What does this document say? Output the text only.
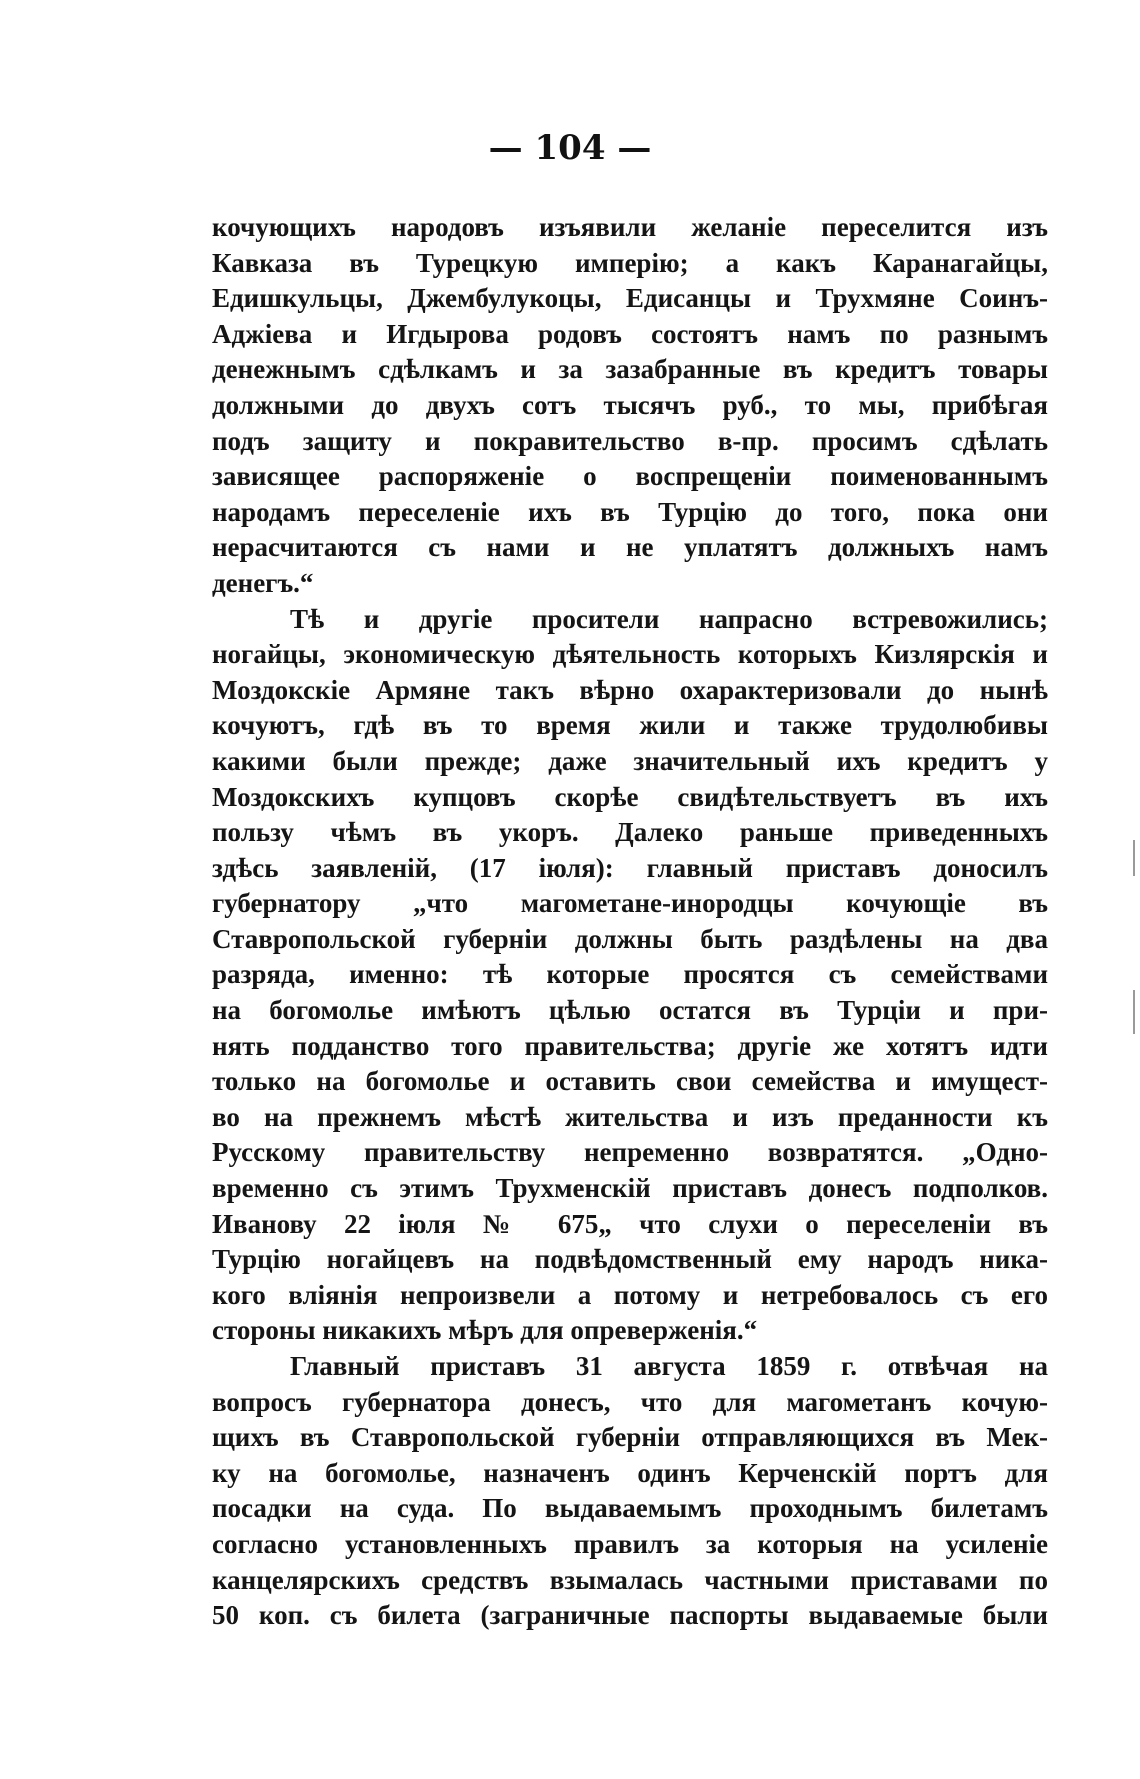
— 104 —
кочующихъ народовъ изъявили желаніе переселится изъ
Кавказа въ Турецкую имперію; а какъ Каранагайцы,
Едишкульцы, Джембулукоцы, Едисанцы и Трухмяне Соинъ-
Аджіева и Игдырова родовъ состоятъ намъ по разнымъ
денежнымъ сдѣлкамъ и за зазабранные въ кредитъ товары
должными до двухъ сотъ тысячъ руб., то мы, прибѣгая
подъ защиту и покравительство в-пр. просимъ сдѣлать
зависящее распоряженіе о воспрещеніи поименованнымъ
народамъ переселеніе ихъ въ Турцію до того, пока они
нерасчитаются съ нами и не уплатятъ должныхъ намъ
денегъ.“
Тѣ и другіе просители напрасно встревожились;
ногайцы, экономическую дѣятельность которыхъ Кизлярскія и
Моздокскіе Армяне такъ вѣрно охарактеризовали до нынѣ
кочуютъ, гдѣ въ то время жили и также трудолюбивы
какими были прежде; даже значительный ихъ кредитъ у
Моздокскихъ купцовъ скорѣе свидѣтельствуетъ въ ихъ
пользу чѣмъ въ укоръ. Далеко раньше приведенныхъ
здѣсь заявленій, (17 іюля): главный приставъ доносилъ
губернатору „что магометане-инородцы кочующіе въ
Ставропольской губерніи должны быть раздѣлены на два
разряда, именно: тѣ которые просятся съ семействами
на богомолье имѣютъ цѣлью остатся въ Турціи и при-
нять подданство того правительства; другіе же хотятъ идти
только на богомолье и оставить свои семейства и имущест-
во на прежнемъ мѣстѣ жительства и изъ преданности къ
Русскому правительству непременно возвратятся. „Одно-
временно съ этимъ Трухменскій приставъ донесъ подполков.
Иванову 22 іюля № 675„ что слухи о переселеніи въ
Турцію ногайцевъ на подвѣдомственный ему народъ ника-
кого вліянія непроизвели а потому и нетребовалось съ его
стороны никакихъ мѣръ для опреверженія.“
Главный приставъ 31 августа 1859 г. отвѣчая на
вопросъ губернатора донесъ, что для магометанъ кочую-
щихъ въ Ставропольской губерніи отправляющихся въ Мек-
ку на богомолье, назначенъ одинъ Керченскій портъ для
посадки на суда. По выдаваемымъ проходнымъ билетамъ
согласно установленныхъ правилъ за которыя на усиленіе
канцелярскихъ средствъ взымалась частными приставами по
50 коп. съ билета (заграничные паспорты выдаваемые были
